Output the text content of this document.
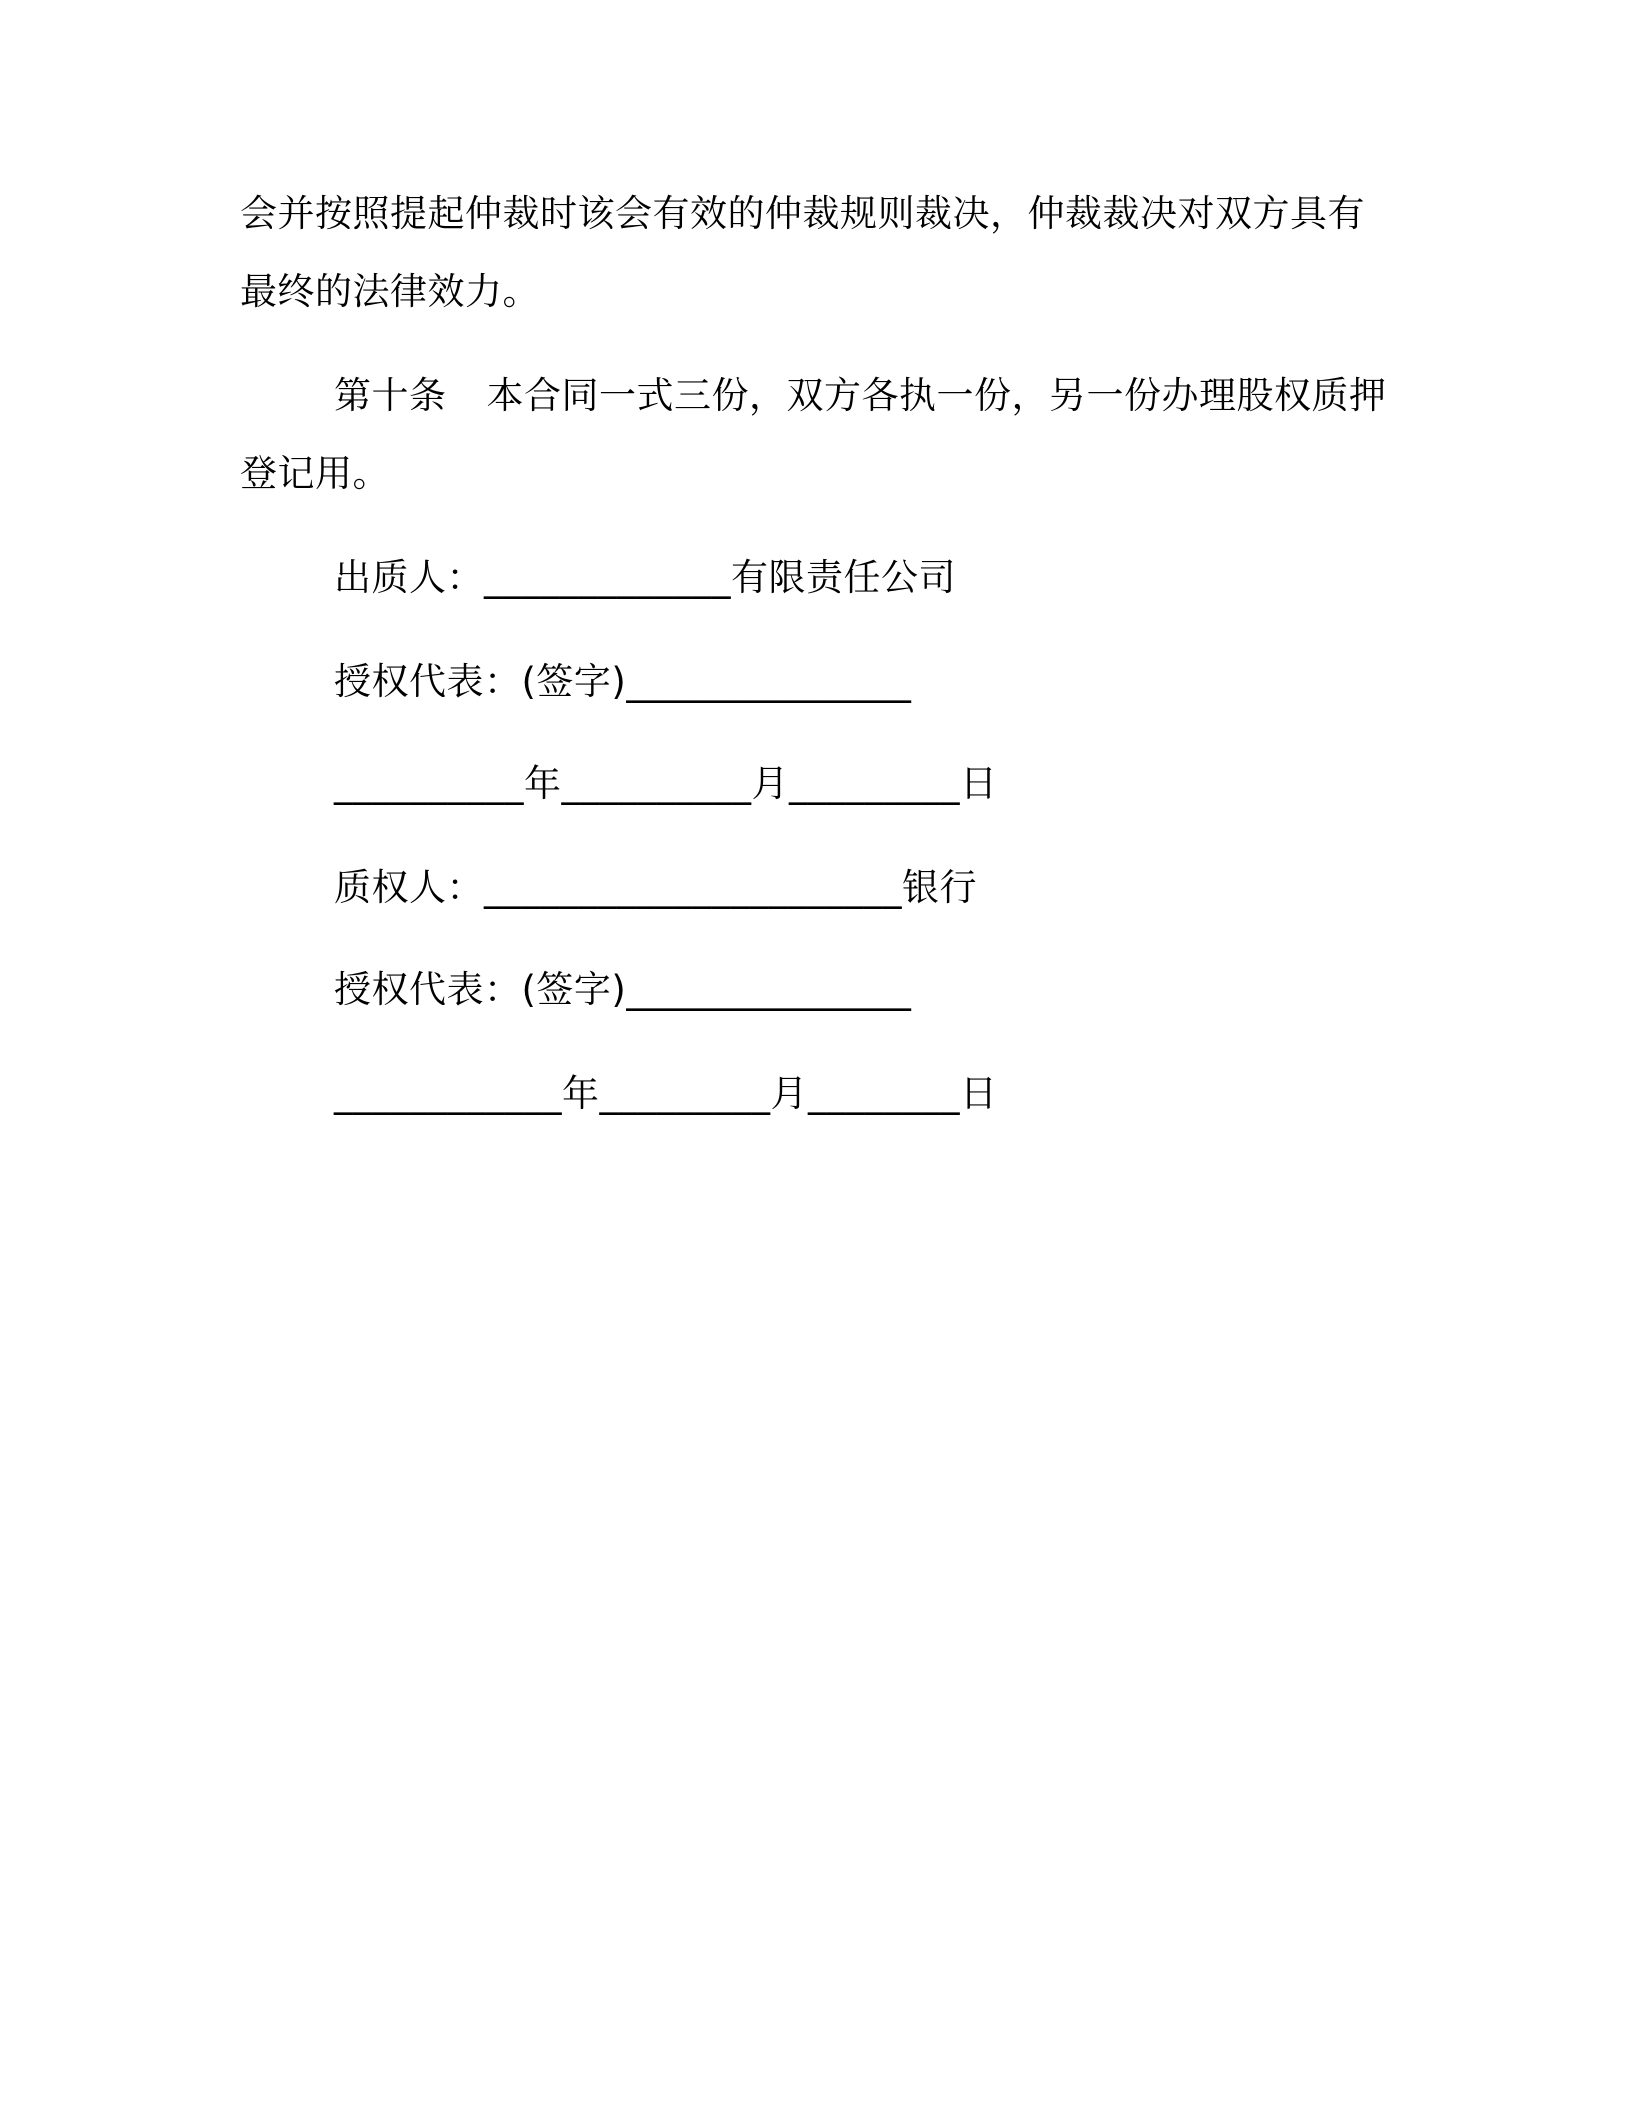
会并按照提起仲裁时该会有效的仲裁规则裁决，仲裁裁决对双方具有

最终的法律效力。

第十条 本合同一式三份，双方各执一份，另一份办理股权质押

登记用。

出质人：_____________有限责任公司

授权代表：(签字)_______________

__________年__________月_________日

质权人：______________________银行

授权代表：(签字)_______________

____________年_________月________日
